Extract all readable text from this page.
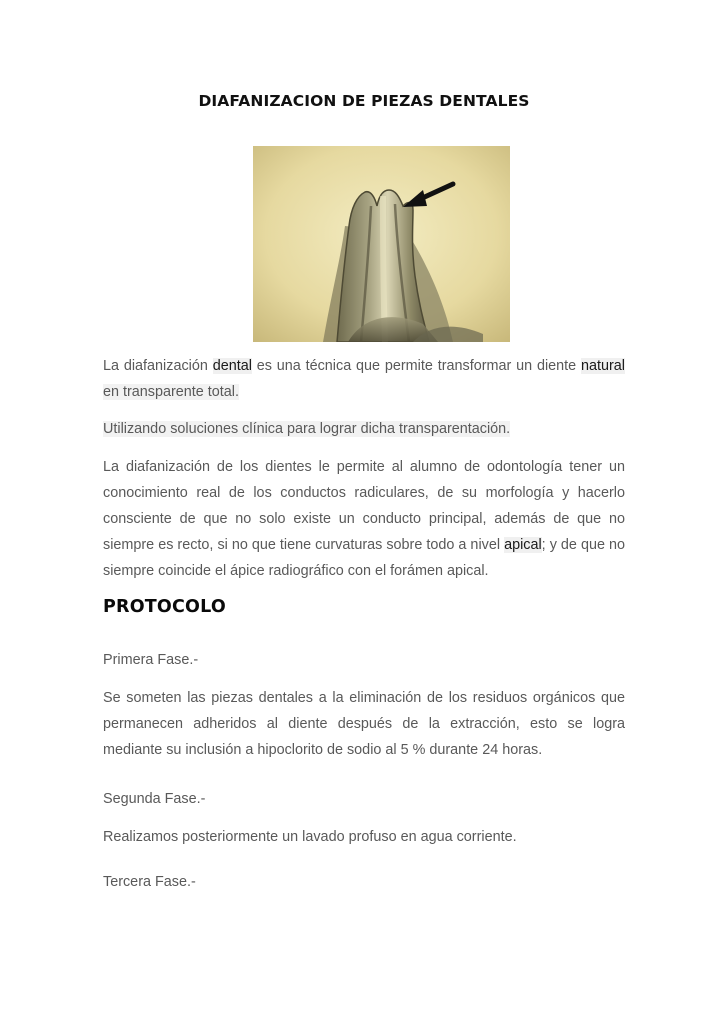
DIAFANIZACION DE PIEZAS DENTALES

La diafanización dental es una técnica que permite transformar un diente natural en transparente total.

Utilizando soluciones clínica para lograr dicha transparentación.

La diafanización de los dientes le permite al alumno de odontología tener un conocimiento real de los conductos radiculares, de su morfología y hacerlo consciente de que no solo existe un conducto principal, además de que no siempre es recto, si no que tiene curvaturas sobre todo a nivel apical; y de que no siempre coincide el ápice radiográfico con el forámen apical.

PROTOCOLO

Primera Fase.-

Se someten las piezas dentales a la eliminación de los residuos orgánicos que permanecen adheridos al diente después de la extracción, esto se logra mediante su inclusión a hipoclorito de sodio al 5 % durante 24 horas.

Segunda Fase.-

Realizamos posteriormente un lavado profuso en agua corriente.

Tercera Fase.-
